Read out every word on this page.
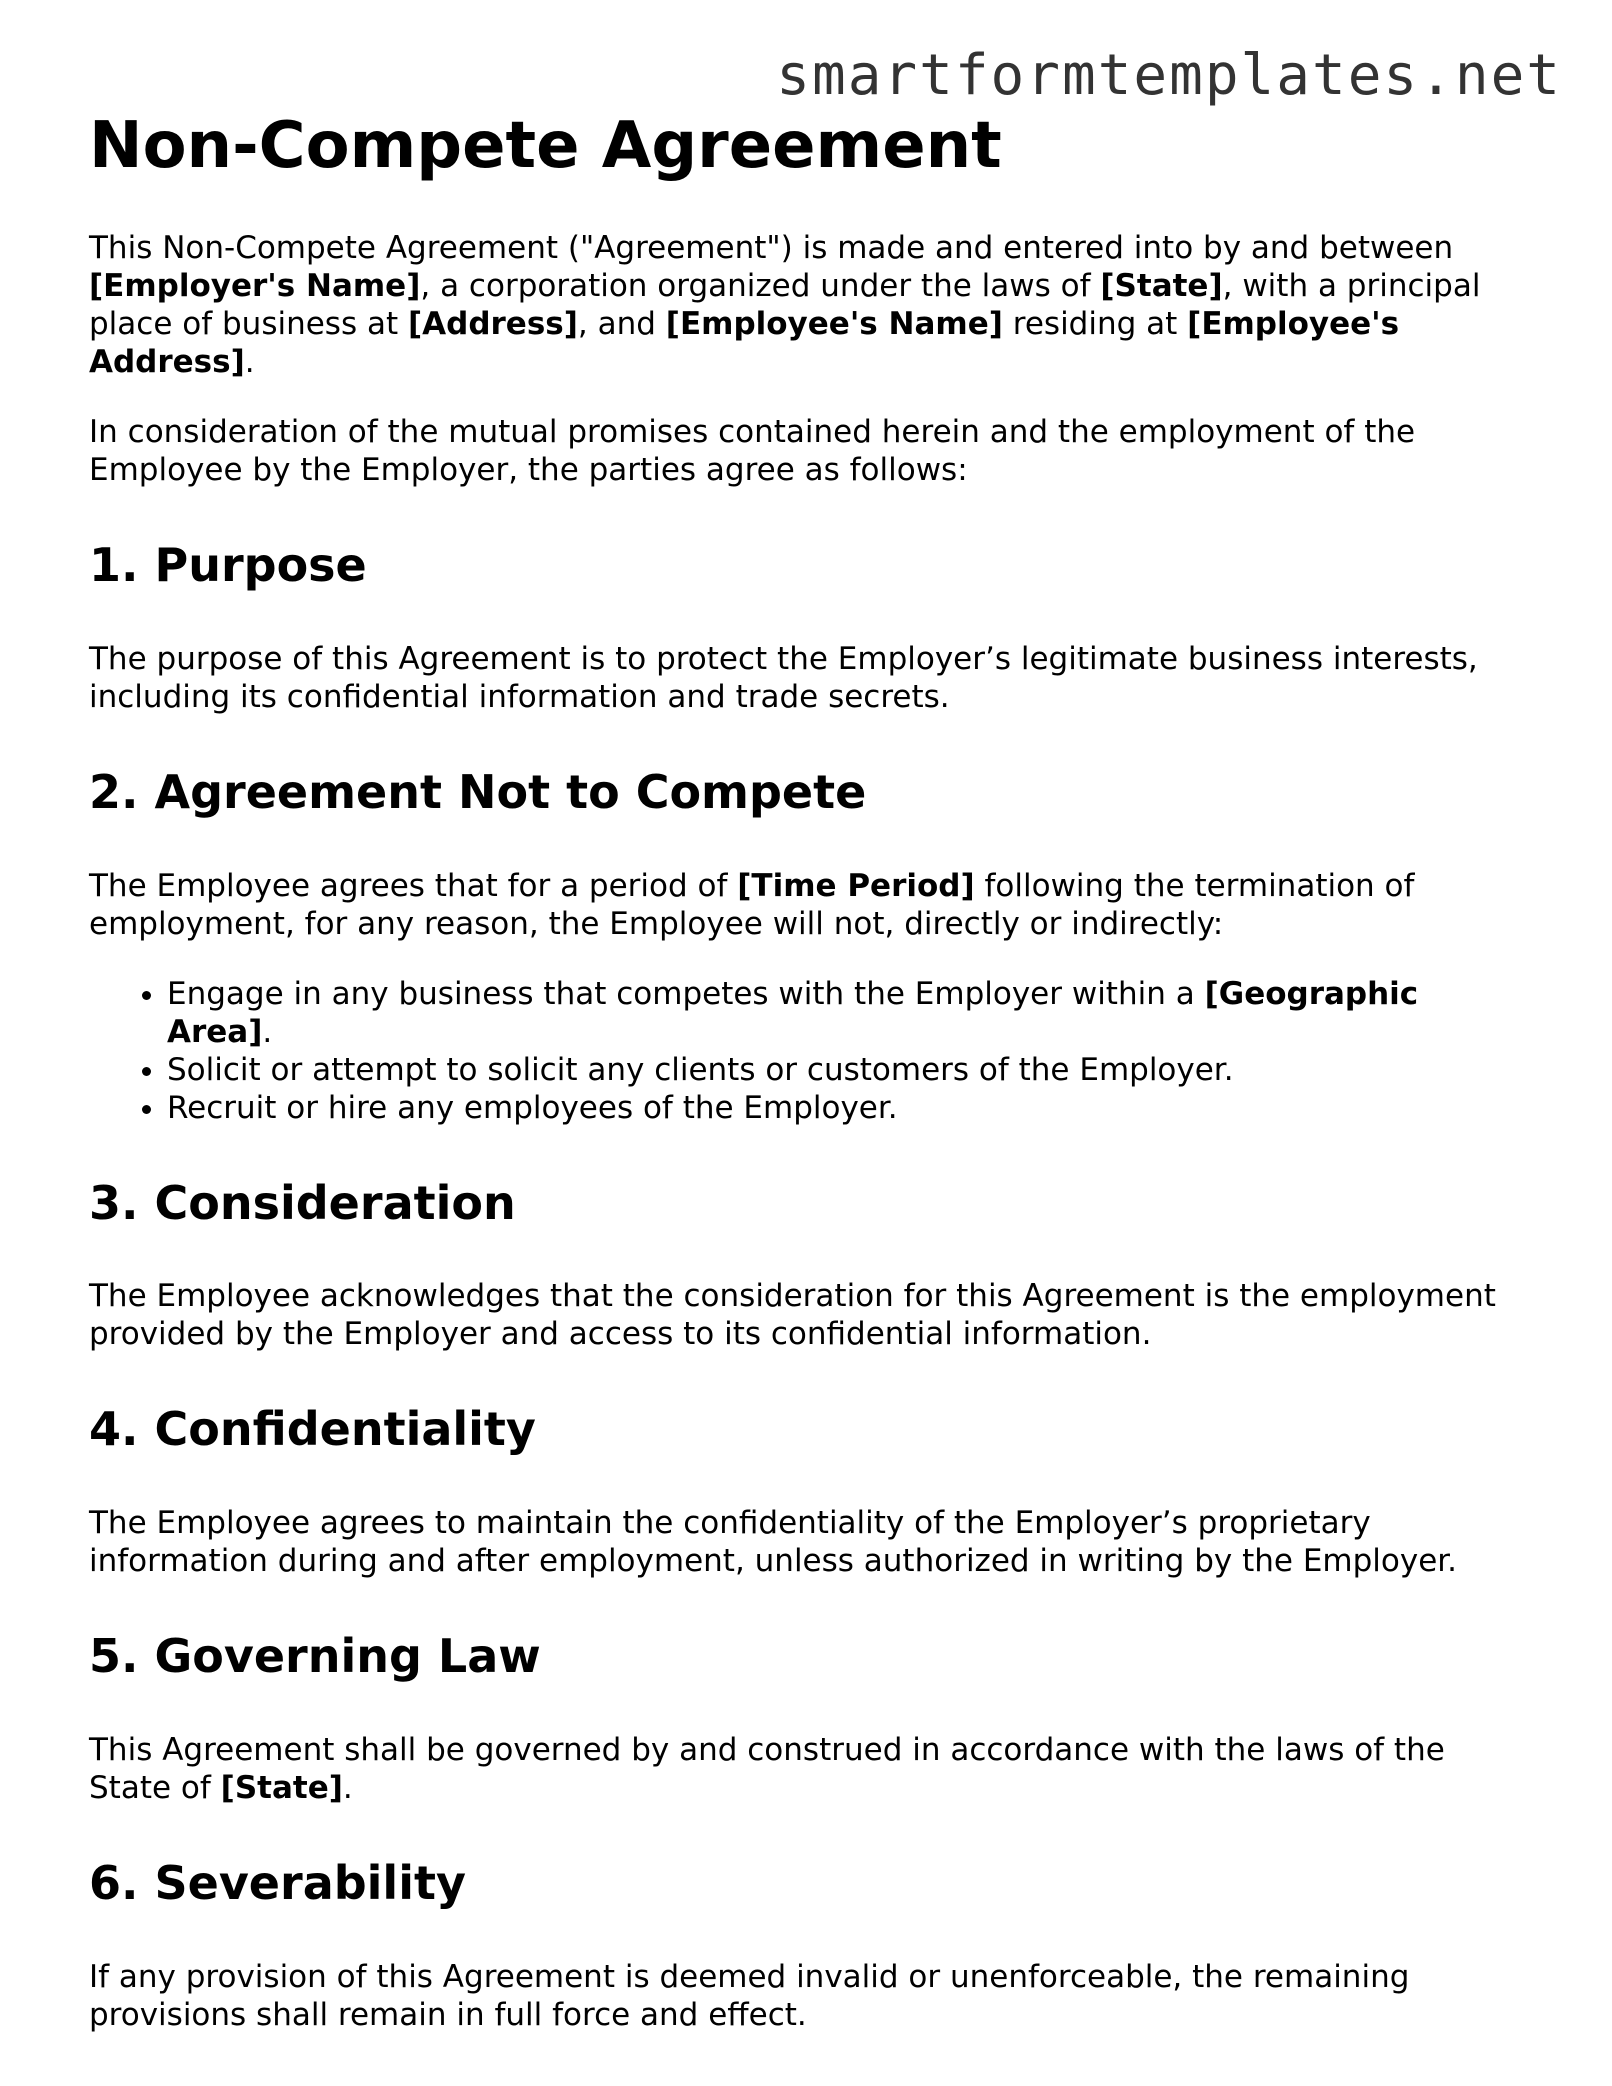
smartformtemplates.net
Non-Compete Agreement

This Non-Compete Agreement ("Agreement") is made and entered into by and between [Employer's Name], a corporation organized under the laws of [State], with a principal place of business at [Address], and [Employee's Name] residing at [Employee's Address].

In consideration of the mutual promises contained herein and the employment of the Employee by the Employer, the parties agree as follows:

1. Purpose

The purpose of this Agreement is to protect the Employer’s legitimate business interests, including its confidential information and trade secrets.

2. Agreement Not to Compete

The Employee agrees that for a period of [Time Period] following the termination of employment, for any reason, the Employee will not, directly or indirectly:

• Engage in any business that competes with the Employer within a [Geographic Area].
• Solicit or attempt to solicit any clients or customers of the Employer.
• Recruit or hire any employees of the Employer.
3. Consideration

The Employee acknowledges that the consideration for this Agreement is the employment provided by the Employer and access to its confidential information.

4. Confidentiality

The Employee agrees to maintain the confidentiality of the Employer’s proprietary information during and after employment, unless authorized in writing by the Employer.

5. Governing Law

This Agreement shall be governed by and construed in accordance with the laws of the State of [State].

6. Severability

If any provision of this Agreement is deemed invalid or unenforceable, the remaining provisions shall remain in full force and effect.
